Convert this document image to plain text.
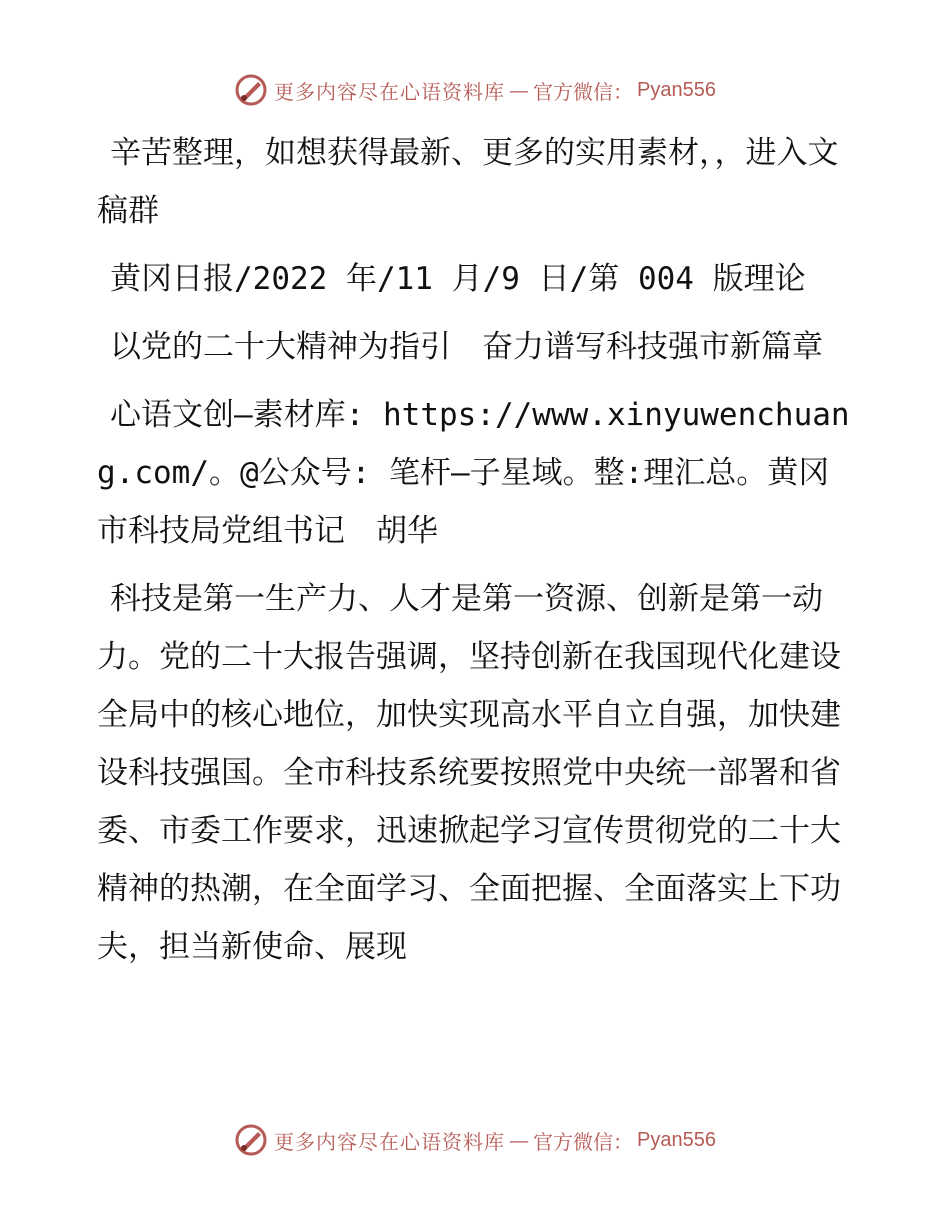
更多内容尽在心语资料库 — 官方微信： Pyan556

辛苦整理，如想获得最新、更多的实用素材，，进入文稿群

黄冈日报/2022 年/11 月/9 日/第 004 版理论

以党的二十大精神为指引　奋力谱写科技强市新篇章

心语文创—素材库: https://www.xinyuwenchuang.com/。@公众号: 笔杆—子星域。整:理汇总。黄冈市科技局党组书记　胡华

科技是第一生产力、人才是第一资源、创新是第一动力。党的二十大报告强调，坚持创新在我国现代化建设全局中的核心地位，加快实现高水平自立自强，加快建设科技强国。全市科技系统要按照党中央统一部署和省委、市委工作要求，迅速掀起学习宣传贯彻党的二十大精神的热潮，在全面学习、全面把握、全面落实上下功夫，担当新使命、展现

更多内容尽在心语资料库 — 官方微信： Pyan556
